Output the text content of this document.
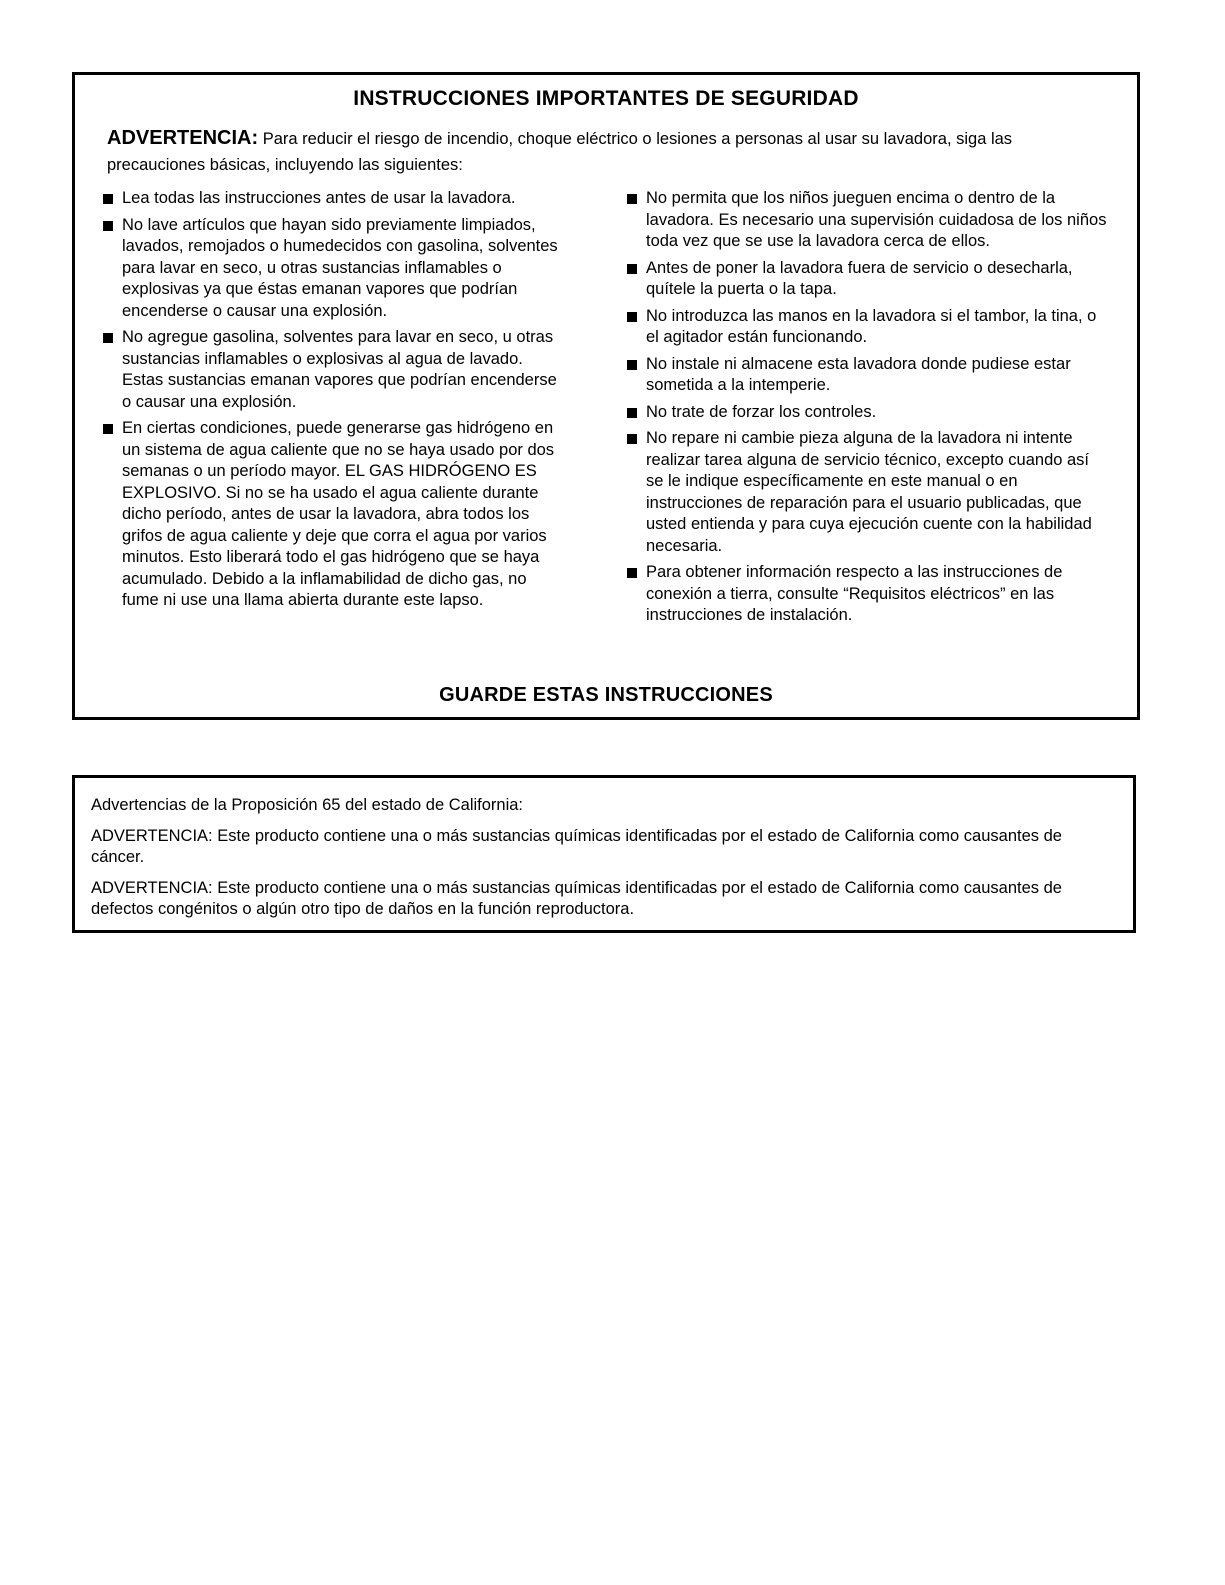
INSTRUCCIONES IMPORTANTES DE SEGURIDAD

ADVERTENCIA: Para reducir el riesgo de incendio, choque eléctrico o lesiones a personas al usar su lavadora, siga las precauciones básicas, incluyendo las siguientes:

Lea todas las instrucciones antes de usar la lavadora.
No lave artículos que hayan sido previamente limpiados, lavados, remojados o humedecidos con gasolina, solventes para lavar en seco, u otras sustancias inflamables o explosivas ya que éstas emanan vapores que podrían encenderse o causar una explosión.
No agregue gasolina, solventes para lavar en seco, u otras sustancias inflamables o explosivas al agua de lavado. Estas sustancias emanan vapores que podrían encenderse o causar una explosión.
En ciertas condiciones, puede generarse gas hidrógeno en un sistema de agua caliente que no se haya usado por dos semanas o un período mayor. EL GAS HIDRÓGENO ES EXPLOSIVO. Si no se ha usado el agua caliente durante dicho período, antes de usar la lavadora, abra todos los grifos de agua caliente y deje que corra el agua por varios minutos. Esto liberará todo el gas hidrógeno que se haya acumulado. Debido a la inflamabilidad de dicho gas, no fume ni use una llama abierta durante este lapso.
No permita que los niños jueguen encima o dentro de la lavadora. Es necesario una supervisión cuidadosa de los niños toda vez que se use la lavadora cerca de ellos.
Antes de poner la lavadora fuera de servicio o desecharla, quítele la puerta o la tapa.
No introduzca las manos en la lavadora si el tambor, la tina, o el agitador están funcionando.
No instale ni almacene esta lavadora donde pudiese estar sometida a la intemperie.
No trate de forzar los controles.
No repare ni cambie pieza alguna de la lavadora ni intente realizar tarea alguna de servicio técnico, excepto cuando así se le indique específicamente en este manual o en instrucciones de reparación para el usuario publicadas, que usted entienda y para cuya ejecución cuente con la habilidad necesaria.
Para obtener información respecto a las instrucciones de conexión a tierra, consulte “Requisitos eléctricos” en las instrucciones de instalación.
GUARDE ESTAS INSTRUCCIONES

Advertencias de la Proposición 65 del estado de California:

ADVERTENCIA: Este producto contiene una o más sustancias químicas identificadas por el estado de California como causantes de cáncer.

ADVERTENCIA: Este producto contiene una o más sustancias químicas identificadas por el estado de California como causantes de defectos congénitos o algún otro tipo de daños en la función reproductora.
